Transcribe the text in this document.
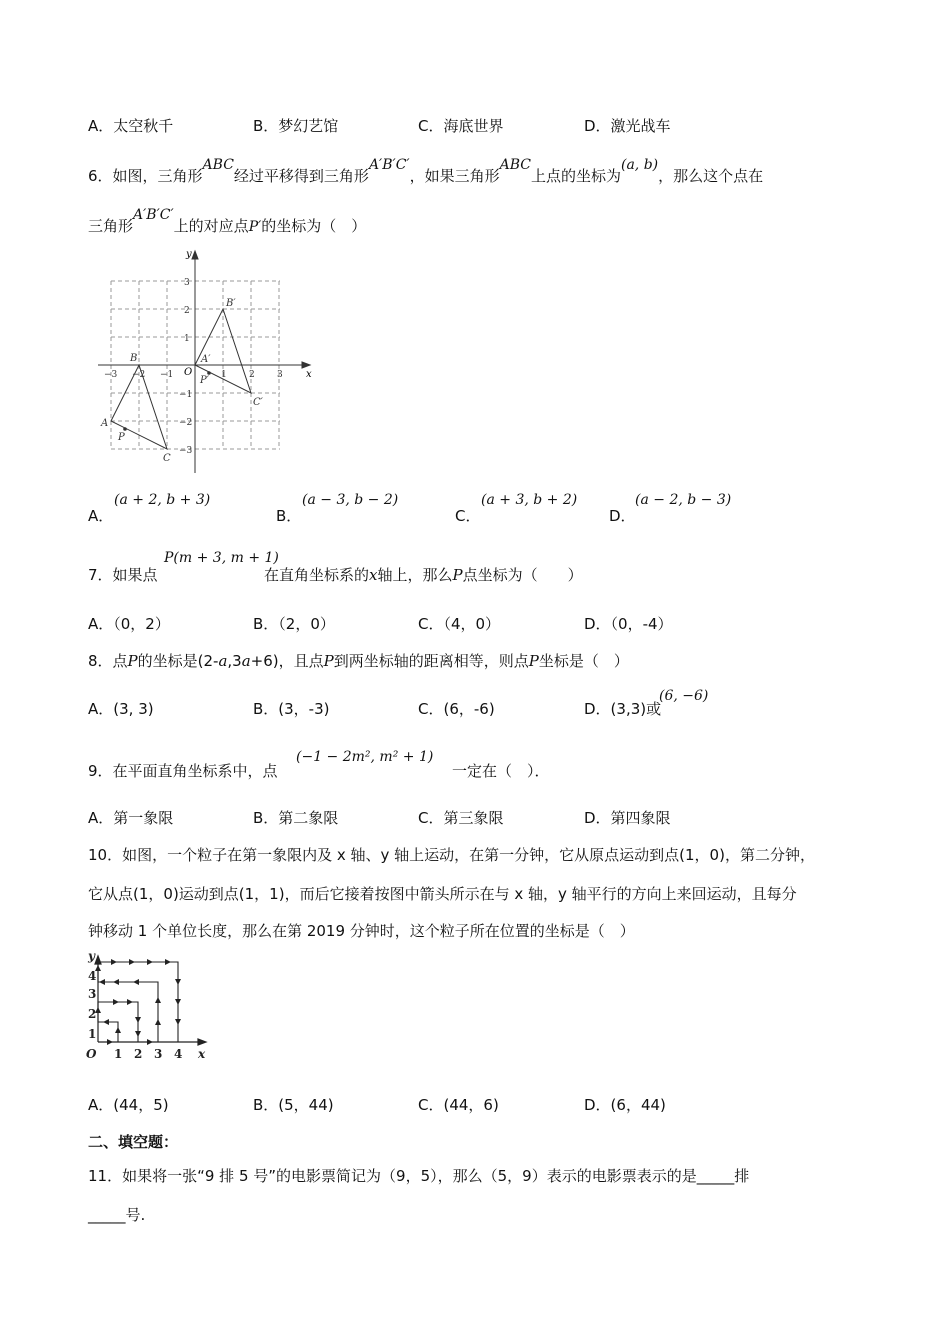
A．太空秋千	B．梦幻艺馆	C．海底世界	D．激光战车
6．如图，三角形ABC经过平移得到三角形A′B′C′，如果三角形ABC上点的坐标为(a, b)，那么这个点在
三角形A′B′C′上的对应点P′的坐标为（　）
x
y
O
−3 −2 −1	1 2 3
3
2
1
−1
−2
−3
A
B
C
P
A′
B′
C′
P′
A．
(a + 2, b + 3)
B．
(a − 3, b − 2)
C．
(a + 3, b + 2)
D．
(a − 2, b − 3)
7．如果点
P(m + 3, m + 1)
在直角坐标系的x轴上，那么P点坐标为（　　）
A．（0，2）	B．（2，0）	C．（4，0）	D．（0，-4）
8．点P的坐标是(2-a,3a+6)，且点P到两坐标轴的距离相等，则点P坐标是（　）
A．(3, 3)	B．(3，-3)	C．(6，-6)	D．(3,3)或
(6, −6)
9．在平面直角坐标系中，点
(−1 − 2m², m² + 1)
一定在（　）．
A．第一象限	B．第二象限	C．第三象限	D．第四象限
10．如图，一个粒子在第一象限内及 x 轴、y 轴上运动，在第一分钟，它从原点运动到点(1，0)，第二分钟，
它从点(1，0)运动到点(1，1)，而后它接着按图中箭头所示在与 x 轴，y 轴平行的方向上来回运动，且每分
钟移动 1 个单位长度，那么在第 2019 分钟时，这个粒子所在位置的坐标是（　）
y
x
O 1 2 3 4
1
2
3
4
A．(44，5)	B．(5，44)	C．(44，6)	D．(6，44)
二、填空题：
11．如果将一张“9 排 5 号”的电影票简记为（9，5），那么（5，9）表示的电影票表示的是_____排
_____号.
